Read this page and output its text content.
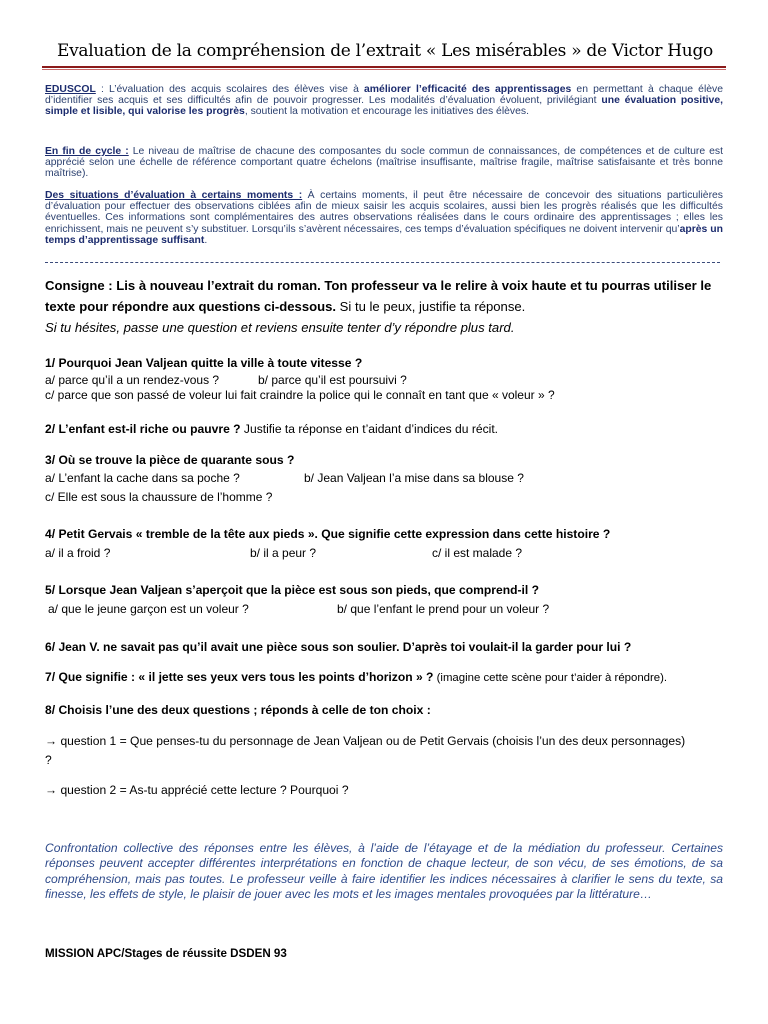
Evaluation de la compréhension de l’extrait « Les misérables » de Victor Hugo
EDUSCOL : L’évaluation des acquis scolaires des élèves vise à améliorer l’efficacité des apprentissages en permettant à chaque élève d’identifier ses acquis et ses difficultés afin de pouvoir progresser. Les modalités d’évaluation évoluent, privilégiant une évaluation positive, simple et lisible, qui valorise les progrès, soutient la motivation et encourage les initiatives des élèves.
En fin de cycle : Le niveau de maîtrise de chacune des composantes du socle commun de connaissances, de compétences et de culture est apprécié selon une échelle de référence comportant quatre échelons (maîtrise insuffisante, maîtrise fragile, maîtrise satisfaisante et très bonne maîtrise).
Des situations d’évaluation à certains moments : À certains moments, il peut être nécessaire de concevoir des situations particulières d’évaluation pour effectuer des observations ciblées afin de mieux saisir les acquis scolaires, aussi bien les progrès réalisés que les difficultés éventuelles. Ces informations sont complémentaires des autres observations réalisées dans le cours ordinaire des apprentissages ; elles les enrichissent, mais ne peuvent s’y substituer. Lorsqu’ils s’avèrent nécessaires, ces temps d’évaluation spécifiques ne doivent intervenir qu’après un temps d’apprentissage suffisant.
Consigne : Lis à nouveau l’extrait du roman. Ton professeur va le relire à voix haute et tu pourras utiliser le texte pour répondre aux questions ci-dessous. Si tu le peux, justifie ta réponse.
Si tu hésites, passe une question et reviens ensuite tenter d’y répondre plus tard.
1/ Pourquoi Jean Valjean quitte la ville à toute vitesse ?
a/ parce qu’il a un rendez-vous ?	b/ parce qu’il est poursuivi ?
c/ parce que son passé de voleur lui fait craindre la police qui le connaît en tant que « voleur » ?
2/ L’enfant est-il riche ou pauvre ? Justifie ta réponse en t’aidant d’indices du récit.
3/ Où se trouve la pièce de quarante sous ?
a/ L’enfant la cache dans sa poche ?	b/ Jean Valjean l’a mise dans sa blouse ?
c/ Elle est sous la chaussure de l’homme ?
4/ Petit Gervais « tremble de la tête aux pieds ». Que signifie cette expression dans cette histoire ?
a/ il a froid ?	b/ il a peur ?	c/ il est malade ?
5/ Lorsque Jean Valjean s’aperçoit que la pièce est sous son pieds, que comprend-il ?
a/ que le jeune garçon est un voleur ?	b/ que l’enfant le prend pour un voleur ?
6/ Jean V. ne savait pas qu’il avait une pièce sous son soulier. D’après toi voulait-il la garder pour lui ?
7/ Que signifie : « il jette ses yeux vers tous les points d’horizon » ? (imagine cette scène pour t’aider à répondre).
8/ Choisis l’une des deux questions ; réponds à celle de ton choix :
→ question 1 = Que penses-tu du personnage de Jean Valjean ou de Petit Gervais (choisis l’un des deux personnages) ?
→ question 2 = As-tu apprécié cette lecture ? Pourquoi ?
Confrontation collective des réponses entre les élèves, à l’aide de l’étayage et de la médiation du professeur. Certaines réponses peuvent accepter différentes interprétations en fonction de chaque lecteur, de son vécu, de ses émotions, de sa compréhension, mais pas toutes. Le professeur veille à faire identifier les indices nécessaires à clarifier le sens du texte, sa finesse, les effets de style, le plaisir de jouer avec les mots et les images mentales provoquées par la littérature…
MISSION APC/Stages de réussite DSDEN 93
